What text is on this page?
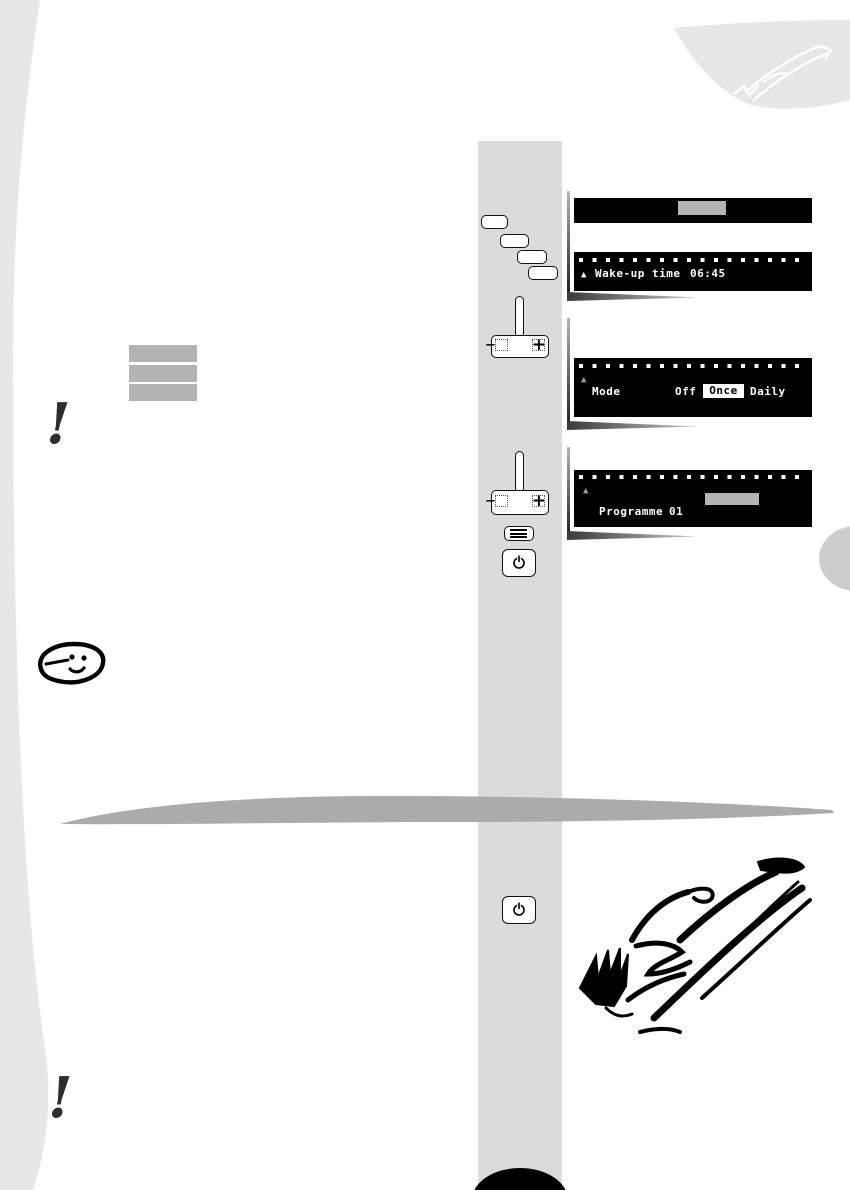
− +
− +
▲ Wake-up time 06:45
▲
Mode	Off	Once	Daily
▲
Programme 01
!
!
